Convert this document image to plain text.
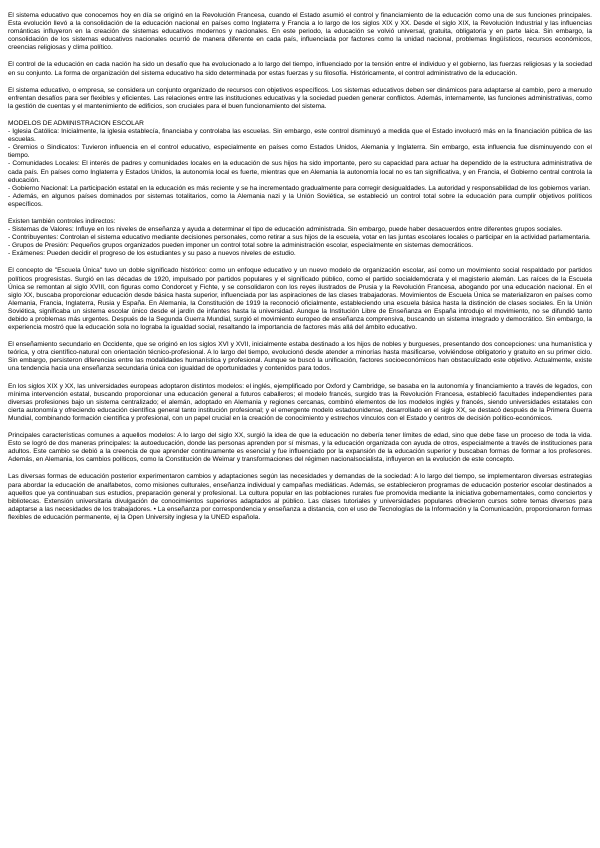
El sistema educativo que conocemos hoy en día se originó en la Revolución Francesa, cuando el Estado asumió el control y financiamiento de la educación como una de sus funciones principales. Esta evolución llevó a la consolidación de la educación nacional en países como Inglaterra y Francia a lo largo de los siglos XIX y XX. Desde el siglo XIX, la Revolución Industrial y las influencias románticas influyeron en la creación de sistemas educativos modernos y nacionales. En este periodo, la educación se volvió universal, gratuita, obligatoria y en parte laica. Sin embargo, la consolidación de los sistemas educativos nacionales ocurrió de manera diferente en cada país, influenciada por factores como la unidad nacional, problemas lingüísticos, recursos económicos, creencias religiosas y clima político.

El control de la educación en cada nación ha sido un desafío que ha evolucionado a lo largo del tiempo, influenciado por la tensión entre el individuo y el gobierno, las fuerzas religiosas y la sociedad en su conjunto. La forma de organización del sistema educativo ha sido determinada por estas fuerzas y su filosofía. Históricamente, el control administrativo de la educación.

El sistema educativo, o empresa, se considera un conjunto organizado de recursos con objetivos específicos. Los sistemas educativos deben ser dinámicos para adaptarse al cambio, pero a menudo enfrentan desafíos para ser flexibles y eficientes. Las relaciones entre las instituciones educativas y la sociedad pueden generar conflictos. Además, internamente, las funciones administrativas, como la gestión de cuentas y el mantenimiento de edificios, son cruciales para el buen funcionamiento del sistema.

MODELOS DE ADMINISTRACION ESCOLAR

- Iglesia Católica: Inicialmente, la iglesia establecía, financiaba y controlaba las escuelas. Sin embargo, este control disminuyó a medida que el Estado involucró más en la financiación pública de las escuelas.

- Gremios o Sindicatos: Tuvieron influencia en el control educativo, especialmente en países como Estados Unidos, Alemania y Inglaterra. Sin embargo, esta influencia fue disminuyendo con el tiempo.

- Comunidades Locales: El interés de padres y comunidades locales en la educación de sus hijos ha sido importante, pero su capacidad para actuar ha dependido de la estructura administrativa de cada país. En países como Inglaterra y Estados Unidos, la autonomía local es fuerte, mientras que en Alemania la autonomía local no es tan significativa, y en Francia, el Gobierno central controla la educación.

- Gobierno Nacional: La participación estatal en la educación es más reciente y se ha incrementado gradualmente para corregir desigualdades. La autoridad y responsabilidad de los gobiernos varían.

- Además, en algunos países dominados por sistemas totalitarios, como la Alemania nazi y la Unión Soviética, se estableció un control total sobre la educación para cumplir objetivos políticos específicos.

Existen también controles indirectos:

- Sistemas de Valores: Influye en los niveles de enseñanza y ayuda a determinar el tipo de educación administrada. Sin embargo, puede haber desacuerdos entre diferentes grupos sociales.

- Contribuyentes: Controlan el sistema educativo mediante decisiones personales, como retirar a sus hijos de la escuela, votar en las juntas escolares locales o participar en la actividad parlamentaria.

- Grupos de Presión: Pequeños grupos organizados pueden imponer un control total sobre la administración escolar, especialmente en sistemas democráticos.

- Exámenes: Pueden decidir el progreso de los estudiantes y su paso a nuevos niveles de estudio.

El concepto de "Escuela Única" tuvo un doble significado histórico: como un enfoque educativo y un nuevo modelo de organización escolar, así como un movimiento social respaldado por partidos políticos progresistas. Surgió en las décadas de 1920, impulsado por partidos populares y el significado público, como el partido socialdemócrata y el magisterio alemán. Las raíces de la Escuela Única se remontan al siglo XVIII, con figuras como Condorcet y Fichte, y se consolidaron con los reyes ilustrados de Prusia y la Revolución Francesa, abogando por una educación nacional. En el siglo XX, buscaba proporcionar educación desde básica hasta superior, influenciada por las aspiraciones de las clases trabajadoras. Movimientos de Escuela Única se materializaron en países como Alemania, Francia, Inglaterra, Rusia y España. En Alemania, la Constitución de 1919 la reconoció oficialmente, estableciendo una escuela básica hasta la distinción de clases sociales. En la Unión Soviética, significaba un sistema escolar único desde el jardín de infantes hasta la universidad. Aunque la Institución Libre de Enseñanza en España introdujo el movimiento, no se difundió tanto debido a problemas más urgentes. Después de la Segunda Guerra Mundial, surgió el movimiento europeo de enseñanza comprensiva, buscando un sistema integrado y democrático. Sin embargo, la experiencia mostró que la educación sola no lograba la igualdad social, resaltando la importancia de factores más allá del ámbito educativo.

El enseñamiento secundario en Occidente, que se originó en los siglos XVI y XVII, inicialmente estaba destinado a los hijos de nobles y burgueses, presentando dos concepciones: una humanística y teórica, y otra científico-natural con orientación técnico-profesional. A lo largo del tiempo, evolucionó desde atender a minorías hasta masificarse, volviéndose obligatorio y gratuito en su primer ciclo. Sin embargo, persisteron diferencias entre las modalidades humanística y profesional. Aunque se buscó la unificación, factores socioeconómicos han obstaculizado este objetivo. Actualmente, existe una tendencia hacia una enseñanza secundaria única con igualdad de oportunidades y contenidos para todos.

En los siglos XIX y XX, las universidades europeas adoptaron distintos modelos: el inglés, ejemplificado por Oxford y Cambridge, se basaba en la autonomía y financiamiento a través de legados, con mínima intervención estatal, buscando proporcionar una educación general a futuros caballeros; el modelo francés, surgido tras la Revolución Francesa, estableció facultades independientes para diversas profesiones bajo un sistema centralizado; el alemán, adoptado en Alemania y regiones cercanas, combinó elementos de los modelos inglés y francés, siendo universidades estatales con cierta autonomía y ofreciendo educación científica general tanto institución profesional; y el emergente modelo estadounidense, desarrollado en el siglo XX, se destacó después de la Primera Guerra Mundial, combinando formación científica y profesional, con un papel crucial en la creación de conocimiento y estrechos vínculos con el Estado y centros de decisión político-económicos.

Principales características comunes a aquellos modelos: A lo largo del siglo XX, surgió la idea de que la educación no debería tener límites de edad, sino que debe fase un proceso de toda la vida. Esto se logró de dos maneras principales: la autoeducación, donde las personas aprenden por sí mismas, y la educación organizada con ayuda de otros, especialmente a través de instituciones para adultos. Este cambio se debió a la creencia de que aprender continuamente es esencial y fue influenciado por la expansión de la educación superior y buscaban formas de formar a los profesores. Además, en Alemania, los cambios políticos, como la Constitución de Weimar y transformaciones del régimen nacionalsocialista, influyeron en la evolución de este concepto.

Las diversas formas de educación posterior experimentaron cambios y adaptaciones según las necesidades y demandas de la sociedad: A lo largo del tiempo, se implementaron diversas estrategias para abordar la educación de analfabetos, como misiones culturales, enseñanza individual y campañas mediáticas. Además, se establecieron programas de educación posterior escolar destinados a aquellos que ya continuaban sus estudios, preparación general y profesional. La cultura popular en las poblaciones rurales fue promovida mediante la iniciativa gobernamentales, como conciertos y bibliotecas. Extensión universitaria divulgación de conocimientos superiores adaptados al público. Las clases tutoriales y universidades populares ofrecieron cursos sobre temas diversos para adaptarse a las necesidades de los trabajadores. • La enseñanza por correspondencia y enseñanza a distancia, con el uso de Tecnologías de la Información y la Comunicación, proporcionaron formas flexibles de educación permanente, ej la Open University inglesa y la UNED española.
